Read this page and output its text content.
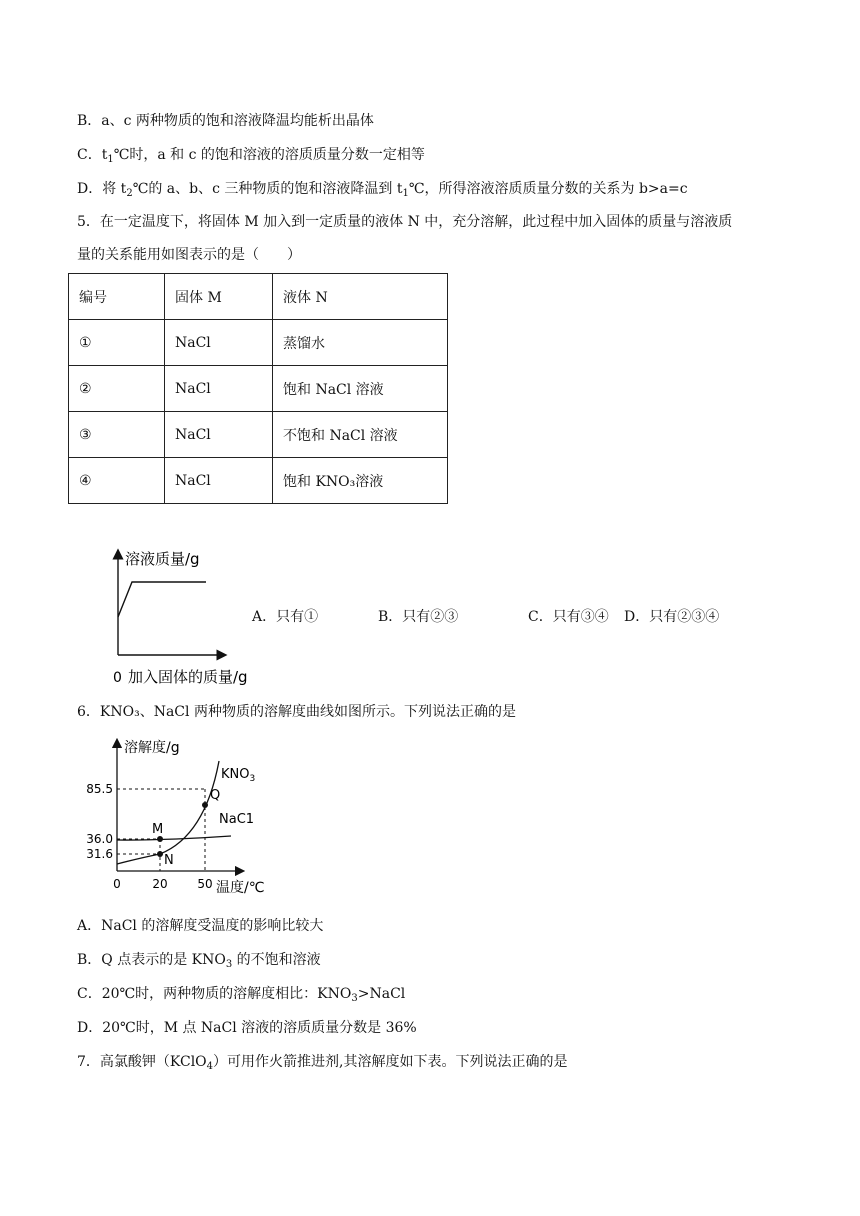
B．a、c 两种物质的饱和溶液降温均能析出晶体
C．$t_1℃$时，a 和 c 的饱和溶液的溶质质量分数一定相等
D．将 $t_2℃$的 a、b、c 三种物质的饱和溶液降温到 $t_1℃$，所得溶液溶质质量分数的关系为 b>a=c
5．在一定温度下，将固体 M 加入到一定质量的液体 N 中，充分溶解，此过程中加入固体的质量与溶液质
量的关系能用如图表示的是（　　）
编号	固体 M	液体 N
①	NaCl	蒸馏水
②	NaCl	饱和 NaCl 溶液
③	NaCl	不饱和 NaCl 溶液
④	NaCl	饱和 KNO₃溶液
溶液质量/g
0 加入固体的质量/g
A．只有①	B．只有②③	C．只有③④ D．只有②③④
6．KNO₃、NaCl 两种物质的溶解度曲线如图所示。下列说法正确的是
溶解度/g
温度/℃
M
N
Q
85.5
36.0
31.6
0	20 50
$KNO_3$
NaC1
A．NaCl 的溶解度受温度的影响比较大
B．Q 点表示的是 $KNO_3$ 的不饱和溶液
C．20℃时，两种物质的溶解度相比：$KNO_3>NaCl$
D．20℃时，M 点 NaCl 溶液的溶质质量分数是 36%
7．高氯酸钾（KClO$_4$）可用作火箭推进剂,其溶解度如下表。下列说法正确的是
